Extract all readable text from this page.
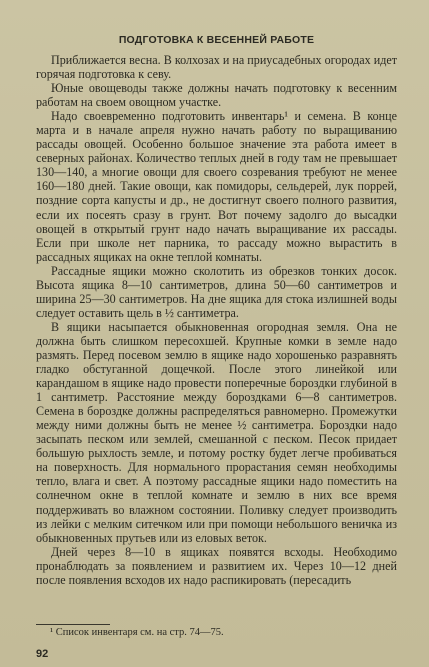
ПОДГОТОВКА К ВЕСЕННЕЙ РАБОТЕ

Приближается весна. В колхозах и на приусадебных огородах идет горячая подготовка к севу.

Юные овощеводы также должны начать подготовку к весенним работам на своем овощном участке.

Надо своевременно подготовить инвентарь¹ и семена. В конце марта и в начале апреля нужно начать работу по выращиванию рассады овощей. Особенно большое значение эта работа имеет в северных районах. Количество теплых дней в году там не превышает 130—140, а многие овощи для своего созревания требуют не менее 160—180 дней. Такие овощи, как помидоры, сельдерей, лук поррей, поздние сорта капусты и др., не достигнут своего полного развития, если их посеять сразу в грунт. Вот почему задолго до высадки овощей в открытый грунт надо начать выращивание их рассады. Если при школе нет парника, то рассаду можно вырастить в рассадных ящиках на окне теплой комнаты.

Рассадные ящики можно сколотить из обрезков тонких досок. Высота ящика 8—10 сантиметров, длина 50—60 сантиметров и ширина 25—30 сантиметров. На дне ящика для стока излишней воды следует оставить щель в ½ сантиметра.

В ящики насыпается обыкновенная огородная земля. Она не должна быть слишком пересохшей. Крупные комки в земле надо размять. Перед посевом землю в ящике надо хорошенько разравнять гладко обстуганной дощечкой. После этого линейкой или карандашом в ящике надо провести поперечные бороздки глубиной в 1 сантиметр. Расстояние между бороздками 6—8 сантиметров. Семена в бороздке должны распределяться равномерно. Промежутки между ними должны быть не менее ½ сантиметра. Бороздки надо засыпать песком или землей, смешанной с песком. Песок придает большую рыхлость земле, и потому ростку будет легче пробиваться на поверхность. Для нормального прорастания семян необходимы тепло, влага и свет. А поэтому рассадные ящики надо поместить на солнечном окне в теплой комнате и землю в них все время поддерживать во влажном состоянии. Поливку следует производить из лейки с мелким ситечком или при помощи небольшого веничка из обыкновенных прутьев или из еловых веток.

Дней через 8—10 в ящиках появятся всходы. Необходимо пронаблюдать за появлением и развитием их. Через 10—12 дней после появления всходов их надо распикировать (пересадить

¹ Список инвентаря см. на стр. 74—75.
92
